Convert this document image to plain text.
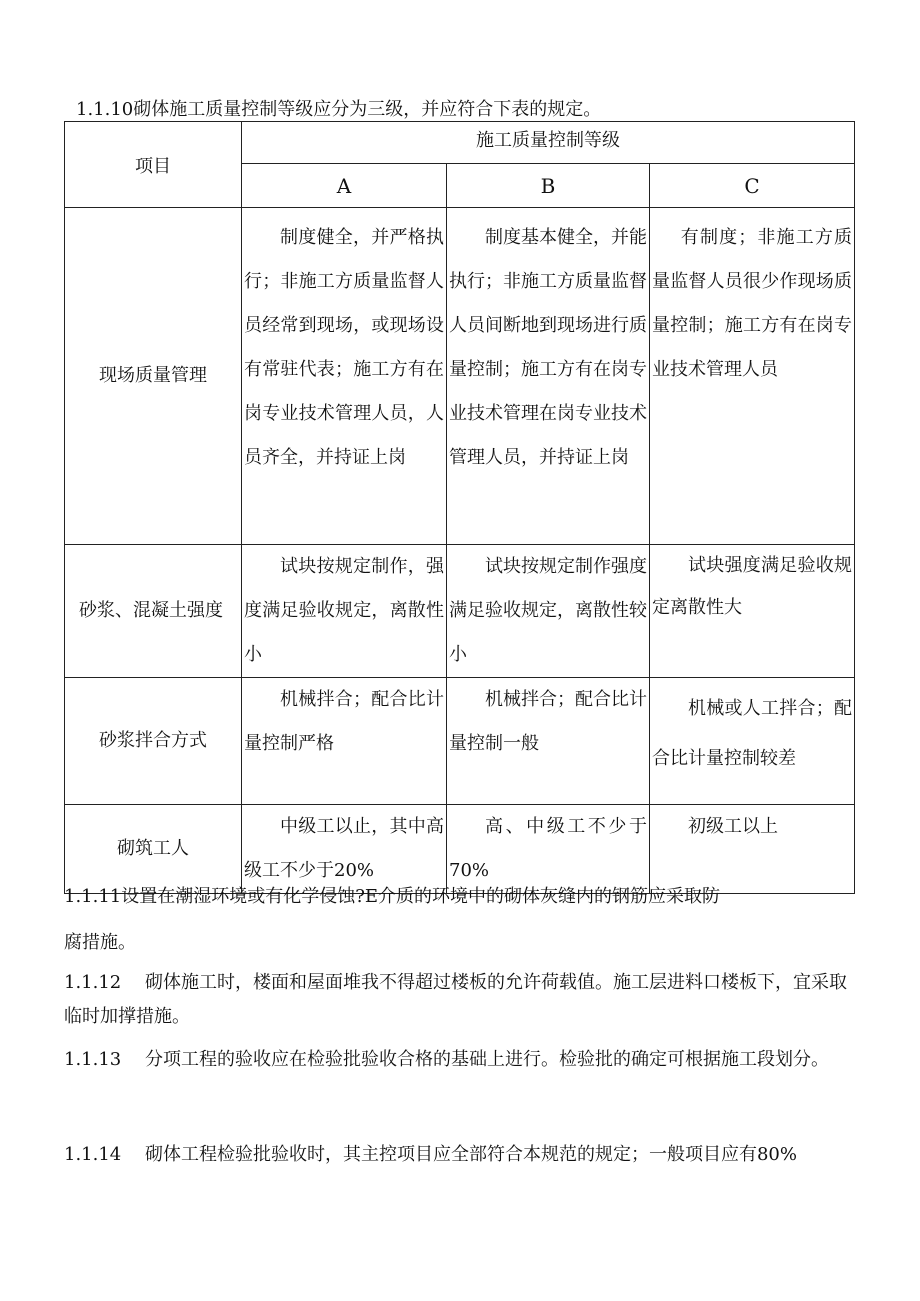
1.1.10砌体施工质量控制等级应分为三级，并应符合下表的规定。
项目	施工质量控制等级		
	A	B	C
现场质量管理	制度健全，并严格执行；非施工方质量监督人员经常到现场，或现场设有常驻代表；施工方有在岗专业技术管理人员，人员齐全，并持证上岗	制度基本健全，并能执行；非施工方质量监督人员间断地到现场进行质量控制；施工方有在岗专业技术管理在岗专业技术管理人员，并持证上岗	有制度；非施工方质量监督人员很少作现场质量控制；施工方有在岗专业技术管理人员
砂浆、混凝土强度	试块按规定制作，强度满足验收规定，离散性小	试块按规定制作强度满足验收规定，离散性较小	试块强度满足验收规定离散性大
砂浆拌合方式	机械拌合；配合比计量控制严格	机械拌合；配合比计量控制一般	机械或人工拌合；配合比计量控制较差
砌筑工人	中级工以止，其中高级工不少于20%	高、中级工不少于70%	初级工以上
1.1.11设置在潮湿环境或有化学侵蚀?E介质的环境中的砌体灰缝内的钢筋应采取防
腐措施。
1.1.12　 砌体施工时，楼面和屋面堆我不得超过楼板的允许荷载值。施工层进料口楼板下，宜采取临时加撑措施。
1.1.13　 分项工程的验收应在检验批验收合格的基础上进行。检验批的确定可根据施工段划分。
1.1.14　 砌体工程检验批验收时，其主控项目应全部符合本规范的规定；一般项目应有80%
